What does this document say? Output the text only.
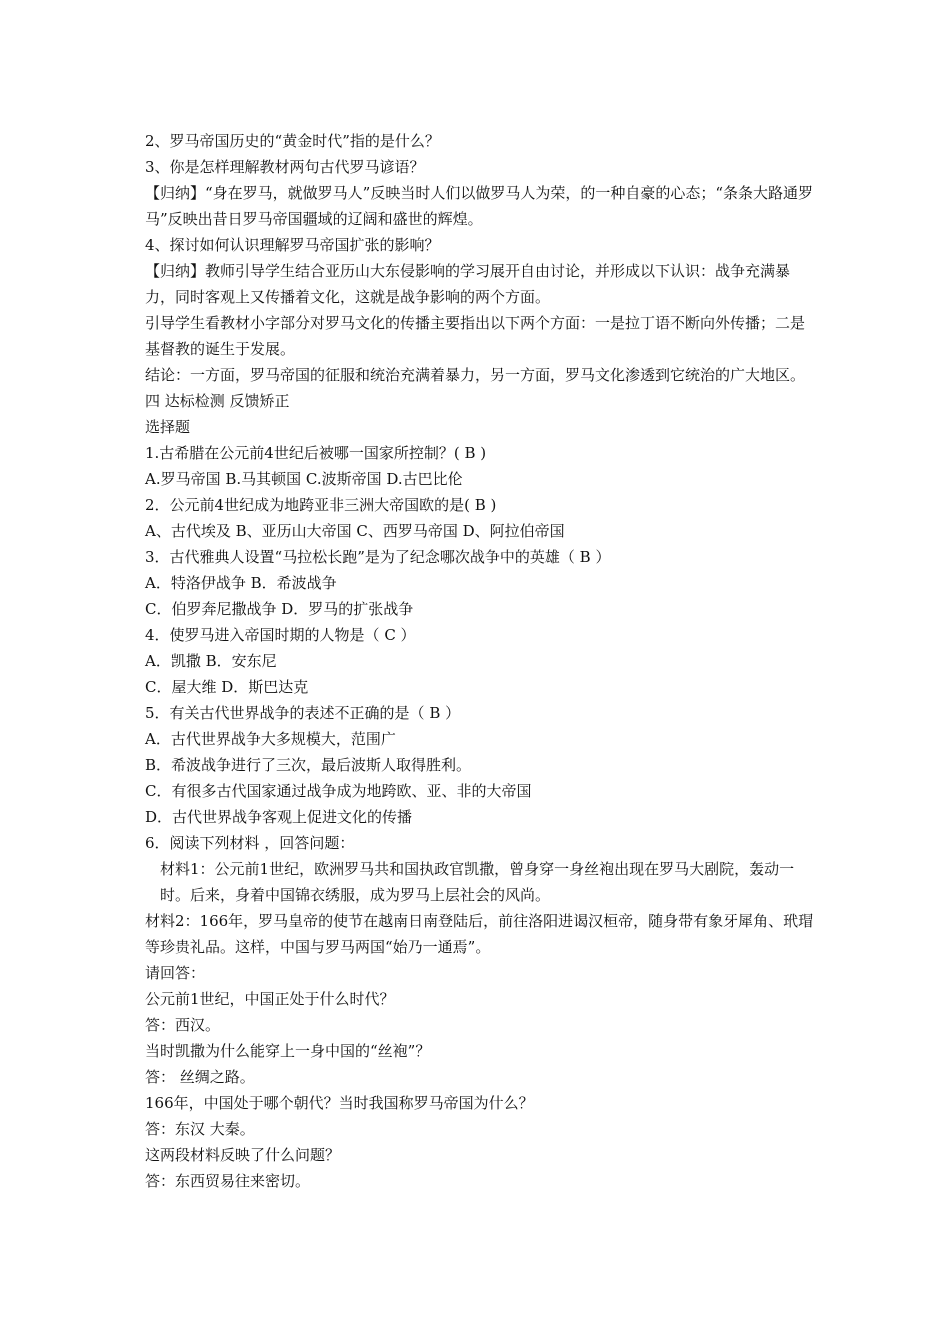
2、罗马帝国历史的“黄金时代”指的是什么？

3、你是怎样理解教材两句古代罗马谚语？

【归纳】“身在罗马，就做罗马人”反映当时人们以做罗马人为荣，的一种自豪的心态；“条条大路通罗马”反映出昔日罗马帝国疆域的辽阔和盛世的辉煌。

4、探讨如何认识理解罗马帝国扩张的影响？

【归纳】教师引导学生结合亚历山大东侵影响的学习展开自由讨论，并形成以下认识：战争充满暴力，同时客观上又传播着文化，这就是战争影响的两个方面。

引导学生看教材小字部分对罗马文化的传播主要指出以下两个方面：一是拉丁语不断向外传播；二是基督教的诞生于发展。

结论：一方面，罗马帝国的征服和统治充满着暴力，另一方面，罗马文化渗透到它统治的广大地区。

四 达标检测 反馈矫正

选择题

1.古希腊在公元前4世纪后被哪一国家所控制？( B )

A.罗马帝国 B.马其顿国 C.波斯帝国 D.古巴比伦

2．公元前4世纪成为地跨亚非三洲大帝国欧的是( B )

A、古代埃及 B、亚历山大帝国 C、西罗马帝国 D、阿拉伯帝国

3．古代雅典人设置“马拉松长跑”是为了纪念哪次战争中的英雄（ B ）

A．特洛伊战争 B．希波战争

C．伯罗奔尼撒战争 D．罗马的扩张战争

4．使罗马进入帝国时期的人物是（ C ）

A．凯撒 B．安东尼

C．屋大维 D．斯巴达克

5．有关古代世界战争的表述不正确的是（ B ）

A．古代世界战争大多规模大，范围广

B．希波战争进行了三次，最后波斯人取得胜利。

C．有很多古代国家通过战争成为地跨欧、亚、非的大帝国

D．古代世界战争客观上促进文化的传播

6．阅读下列材料 ，回答问题：

材料1：公元前1世纪，欧洲罗马共和国执政官凯撒，曾身穿一身丝袍出现在罗马大剧院，轰动一时。后来，身着中国锦衣绣服，成为罗马上层社会的风尚。

材料2：166年，罗马皇帝的使节在越南日南登陆后，前往洛阳进谒汉桓帝，随身带有象牙犀角、玳瑁等珍贵礼品。这样，中国与罗马两国“始乃一通焉”。

请回答：

公元前1世纪，中国正处于什么时代？

答：西汉。

当时凯撒为什么能穿上一身中国的“丝袍”？

答： 丝绸之路。

166年，中国处于哪个朝代？当时我国称罗马帝国为什么？

答：东汉 大秦。

这两段材料反映了什么问题？

答：东西贸易往来密切。
